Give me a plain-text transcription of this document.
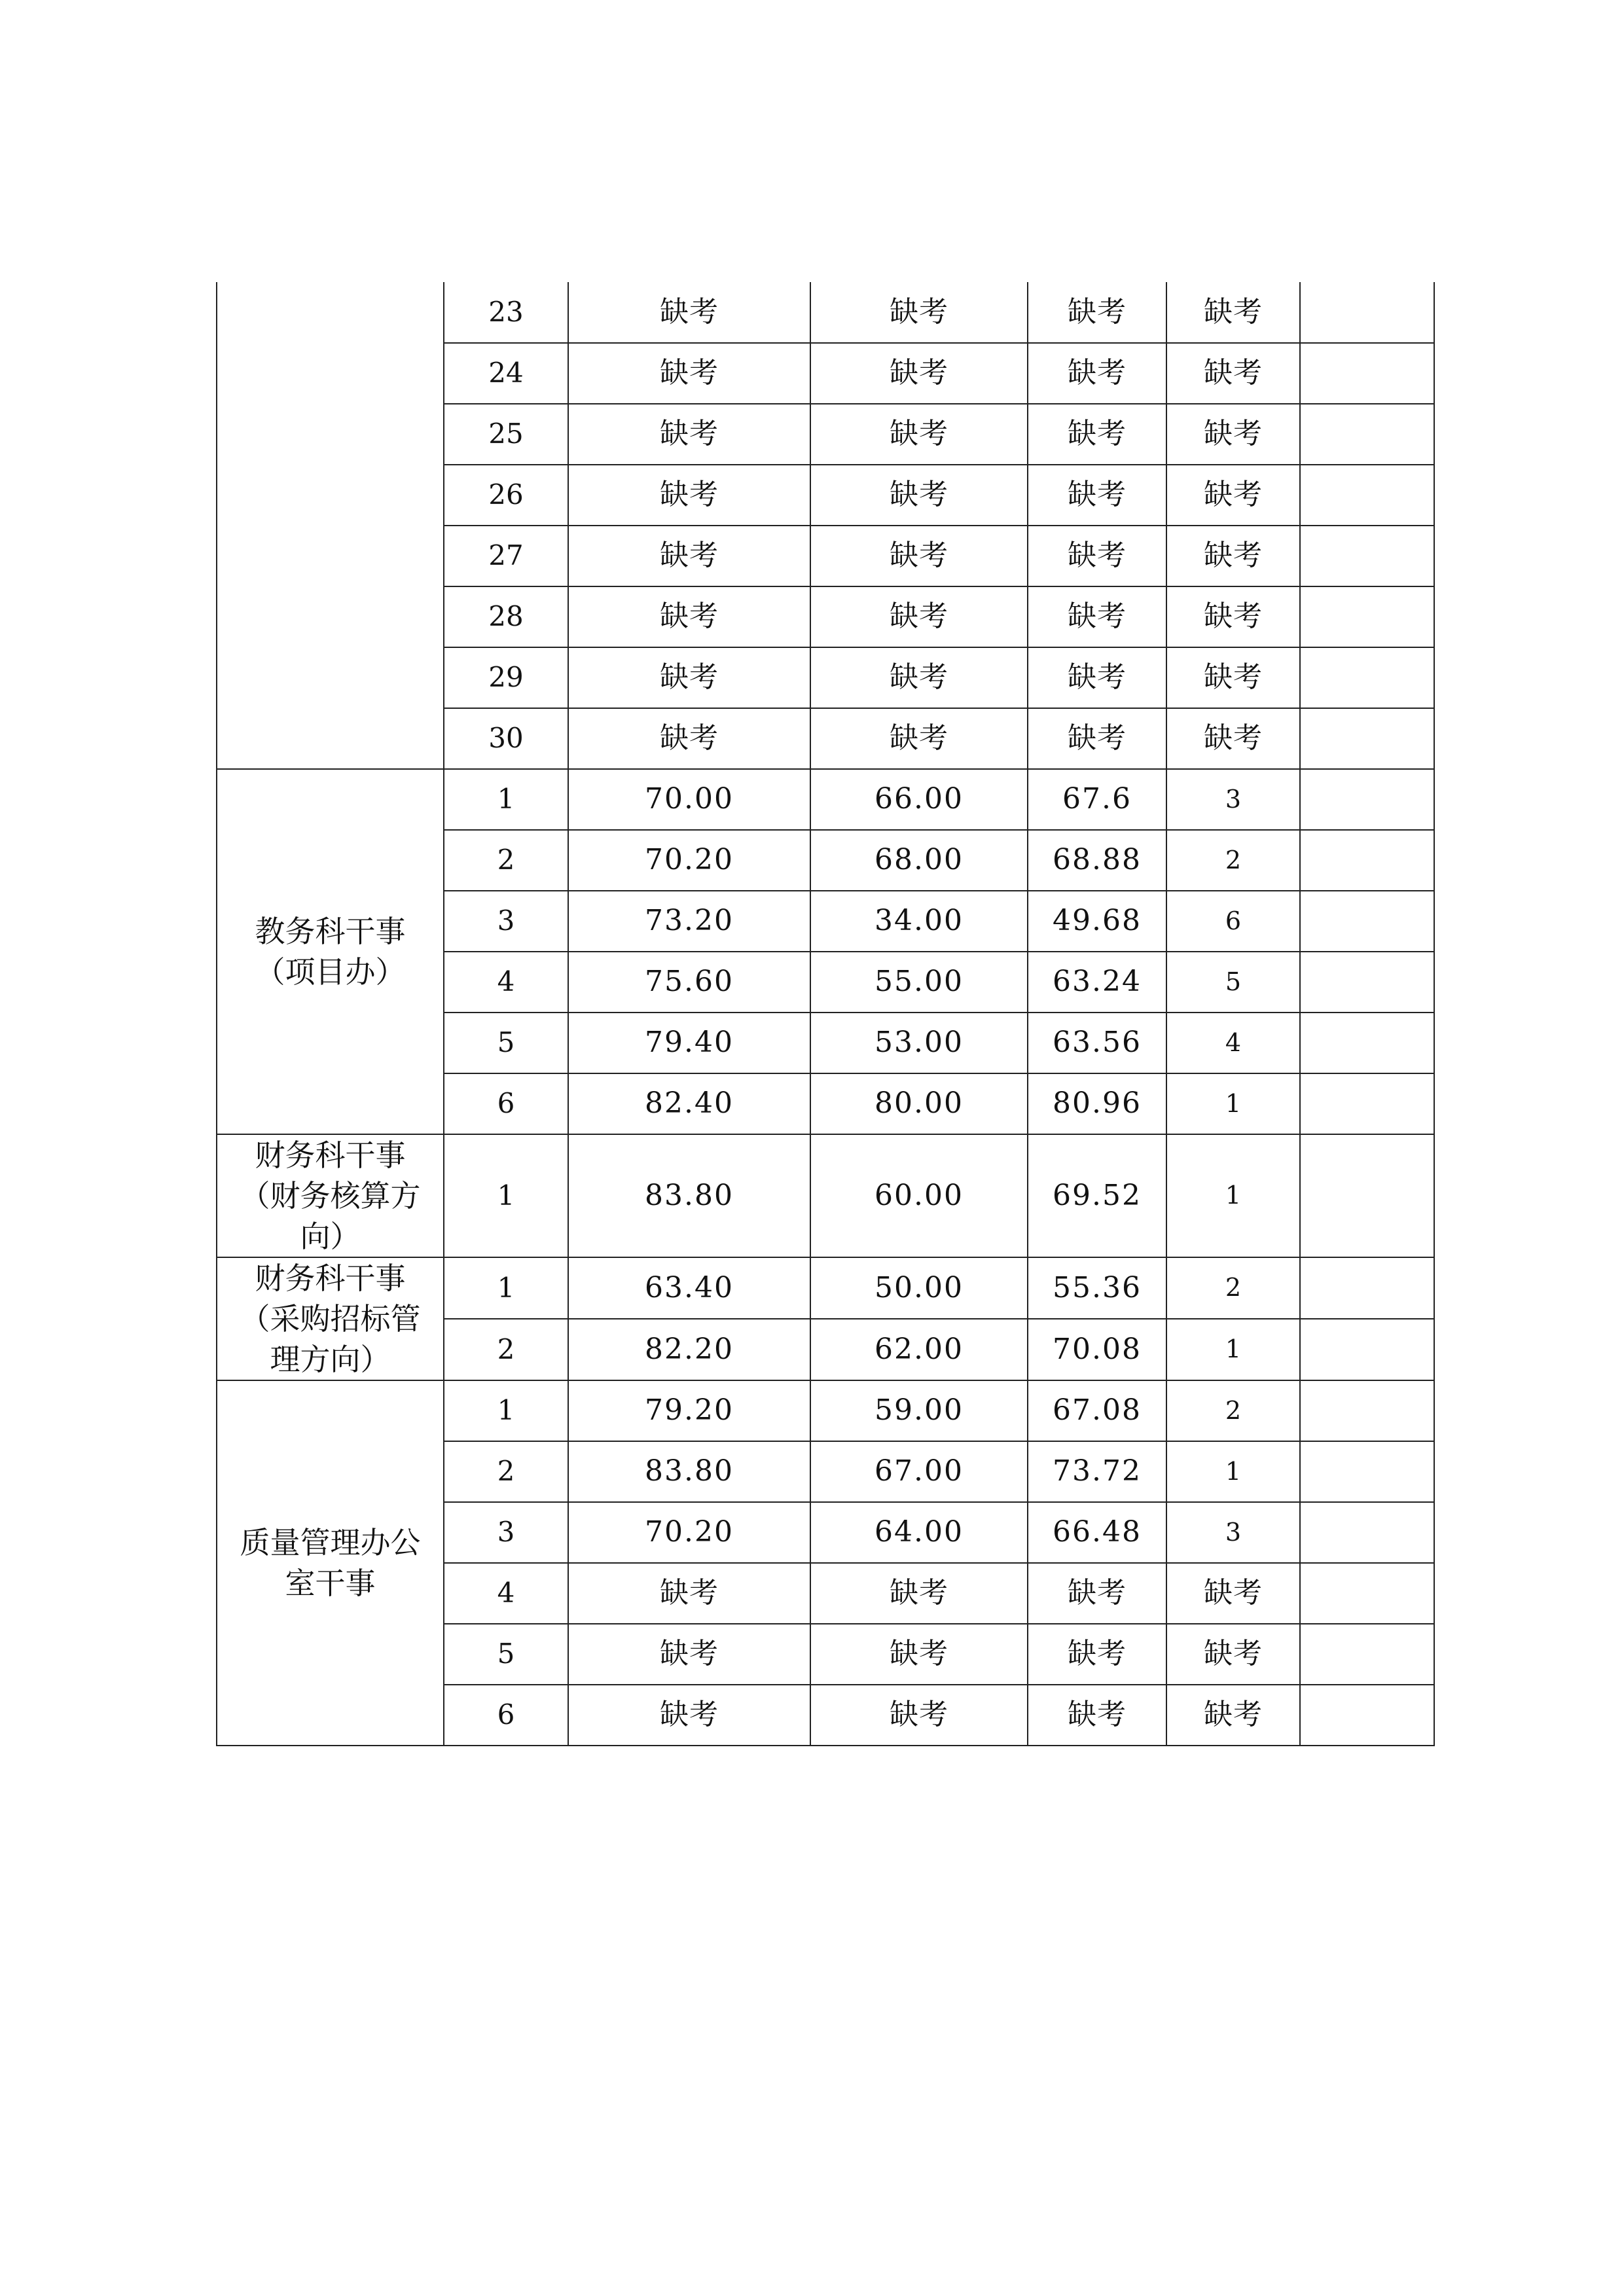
	23	缺考	缺考	缺考	缺考	
	24	缺考	缺考	缺考	缺考	
	25	缺考	缺考	缺考	缺考	
	26	缺考	缺考	缺考	缺考	
	27	缺考	缺考	缺考	缺考	
	28	缺考	缺考	缺考	缺考	
	29	缺考	缺考	缺考	缺考	
	30	缺考	缺考	缺考	缺考	
教务科干事（项目办）	1	70.00	66.00	67.6	3	
	2	70.20	68.00	68.88	2	
	3	73.20	34.00	49.68	6	
	4	75.60	55.00	63.24	5	
	5	79.40	53.00	63.56	4	
	6	82.40	80.00	80.96	1	
财务科干事（财务核算方向）	1	83.80	60.00	69.52	1	
财务科干事（采购招标管理方向）	1	63.40	50.00	55.36	2	
	2	82.20	62.00	70.08	1	
质量管理办公室干事	1	79.20	59.00	67.08	2	
	2	83.80	67.00	73.72	1	
	3	70.20	64.00	66.48	3	
	4	缺考	缺考	缺考	缺考	
	5	缺考	缺考	缺考	缺考	
	6	缺考	缺考	缺考	缺考	
